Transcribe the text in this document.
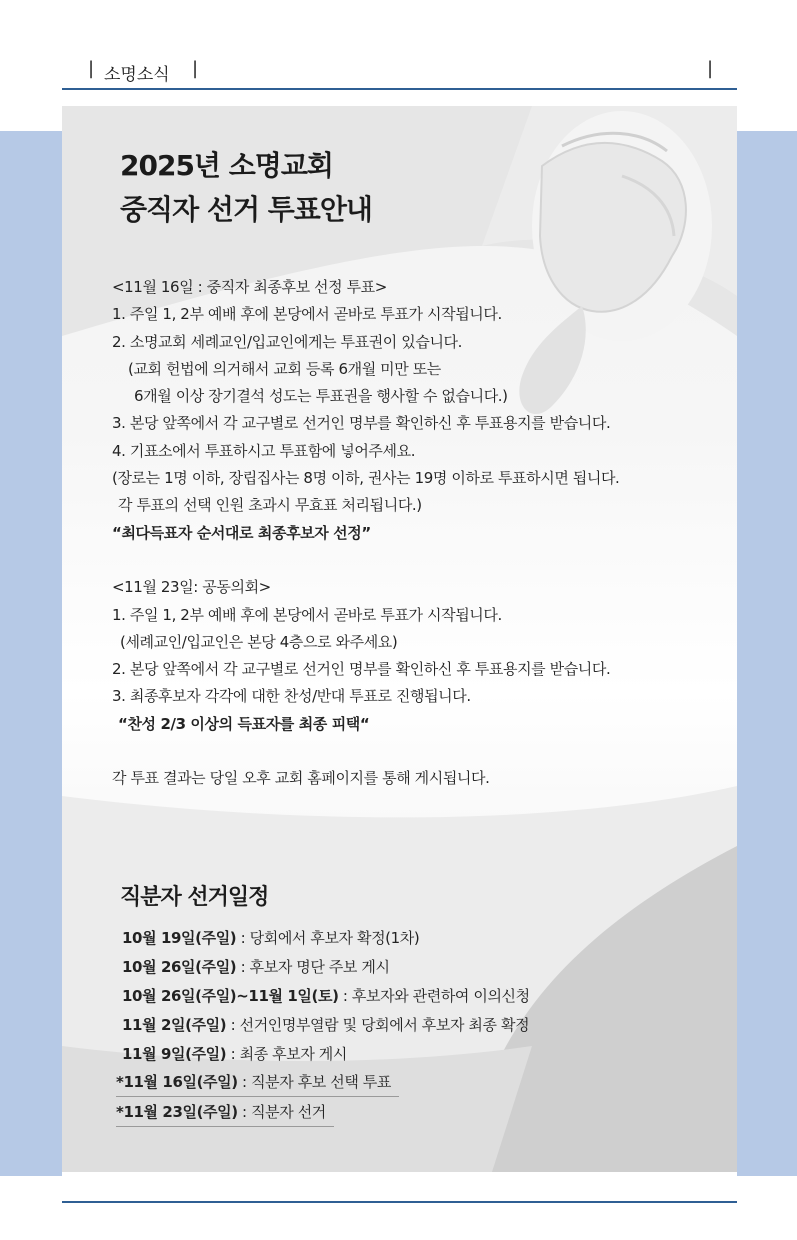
| 소명소식 |	|
2025년 소명교회
중직자 선거 투표안내
<11월 16일 : 중직자 최종후보 선정 투표>
1. 주일 1, 2부 예배 후에 본당에서 곧바로 투표가 시작됩니다.
2. 소명교회 세례교인/입교인에게는 투표권이 있습니다.
(교회 헌법에 의거해서 교회 등록 6개월 미만 또는
6개월 이상 장기결석 성도는 투표권을 행사할 수 없습니다.)
3. 본당 앞쪽에서 각 교구별로 선거인 명부를 확인하신 후 투표용지를 받습니다.
4. 기표소에서 투표하시고 투표함에 넣어주세요.
(장로는 1명 이하, 장립집사는 8명 이하, 권사는 19명 이하로 투표하시면 됩니다.
각 투표의 선택 인원 초과시 무효표 처리됩니다.)
“최다득표자 순서대로 최종후보자 선정”
<11월 23일: 공동의회>
1. 주일 1, 2부 예배 후에 본당에서 곧바로 투표가 시작됩니다.
(세례교인/입교인은 본당 4층으로 와주세요)
2. 본당 앞쪽에서 각 교구별로 선거인 명부를 확인하신 후 투표용지를 받습니다.
3. 최종후보자 각각에 대한 찬성/반대 투표로 진행됩니다.
“찬성 2/3 이상의 득표자를 최종 피택“
각 투표 결과는 당일 오후 교회 홈페이지를 통해 게시됩니다.
직분자 선거일정
10월 19일(주일) : 당회에서 후보자 확정(1차)
10월 26일(주일) : 후보자 명단 주보 게시
10월 26일(주일)~11월 1일(토) : 후보자와 관련하여 이의신청
11월 2일(주일) : 선거인명부열람 및 당회에서 후보자 최종 확정
11월 9일(주일) : 최종 후보자 게시
*11월 16일(주일) : 직분자 후보 선택 투표
*11월 23일(주일) : 직분자 선거
